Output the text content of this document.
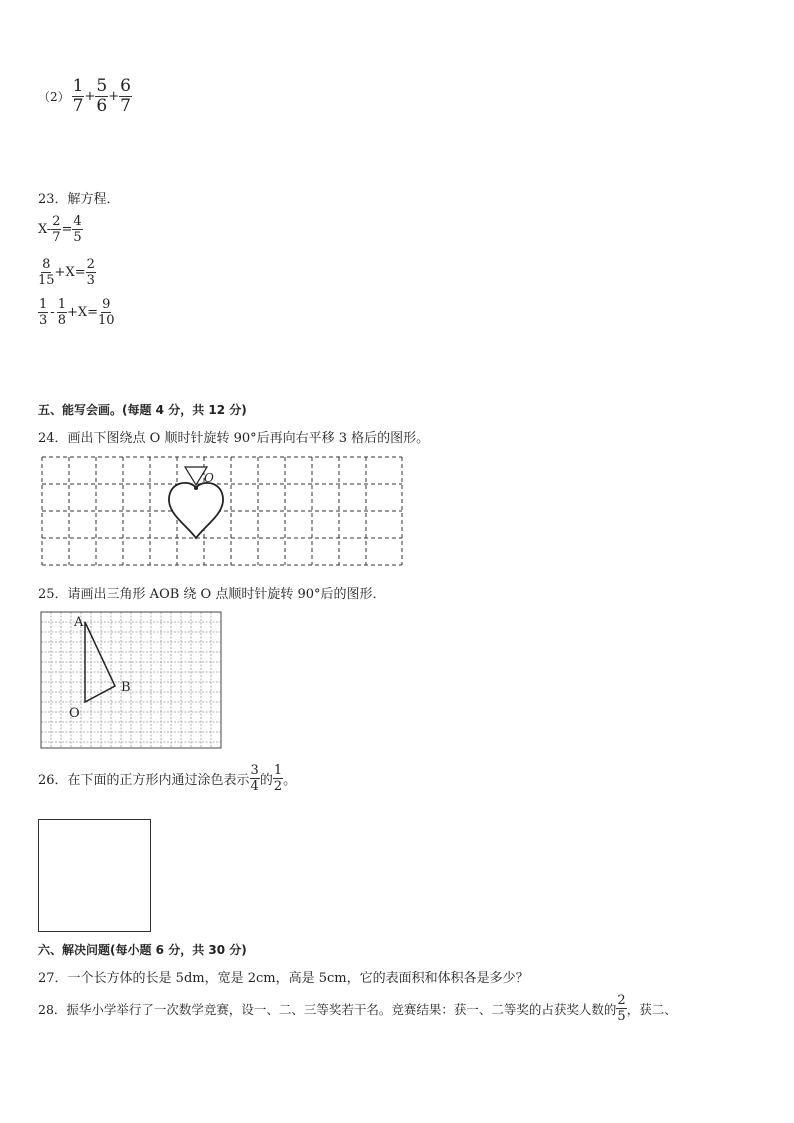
$(2) \frac{1}{7} + \frac{5}{6} + \frac{6}{7}$
23．解方程．
$X- \frac{2}{7} = \frac{4}{5}$
$\frac{8}{15} +X= \frac{2}{3}$
$\frac{1}{3} - \frac{1}{8} +X= \frac{9}{10}$
五、能写会画。(每题 4 分，共 12 分)
24．画出下图绕点 O 顺时针旋转 90°后再向右平移 3 格后的图形。
O
25．请画出三角形 AOB 绕 O 点顺时针旋转 90°后的图形．
A
B
O
26．在下面的正方形内通过涂色表示 $\frac{3}{4}$ 的 $\frac{1}{2}$ 。
六、解决问题(每小题 6 分，共 30 分)
27．一个长方体的长是 5dm，宽是 2cm，高是 5cm，它的表面积和体积各是多少？
28．振华小学举行了一次数学竞赛，设一、二、三等奖若干名。竞赛结果：获一、二等奖的占获奖人数的 $\frac{2}{5}$ ，获二、
